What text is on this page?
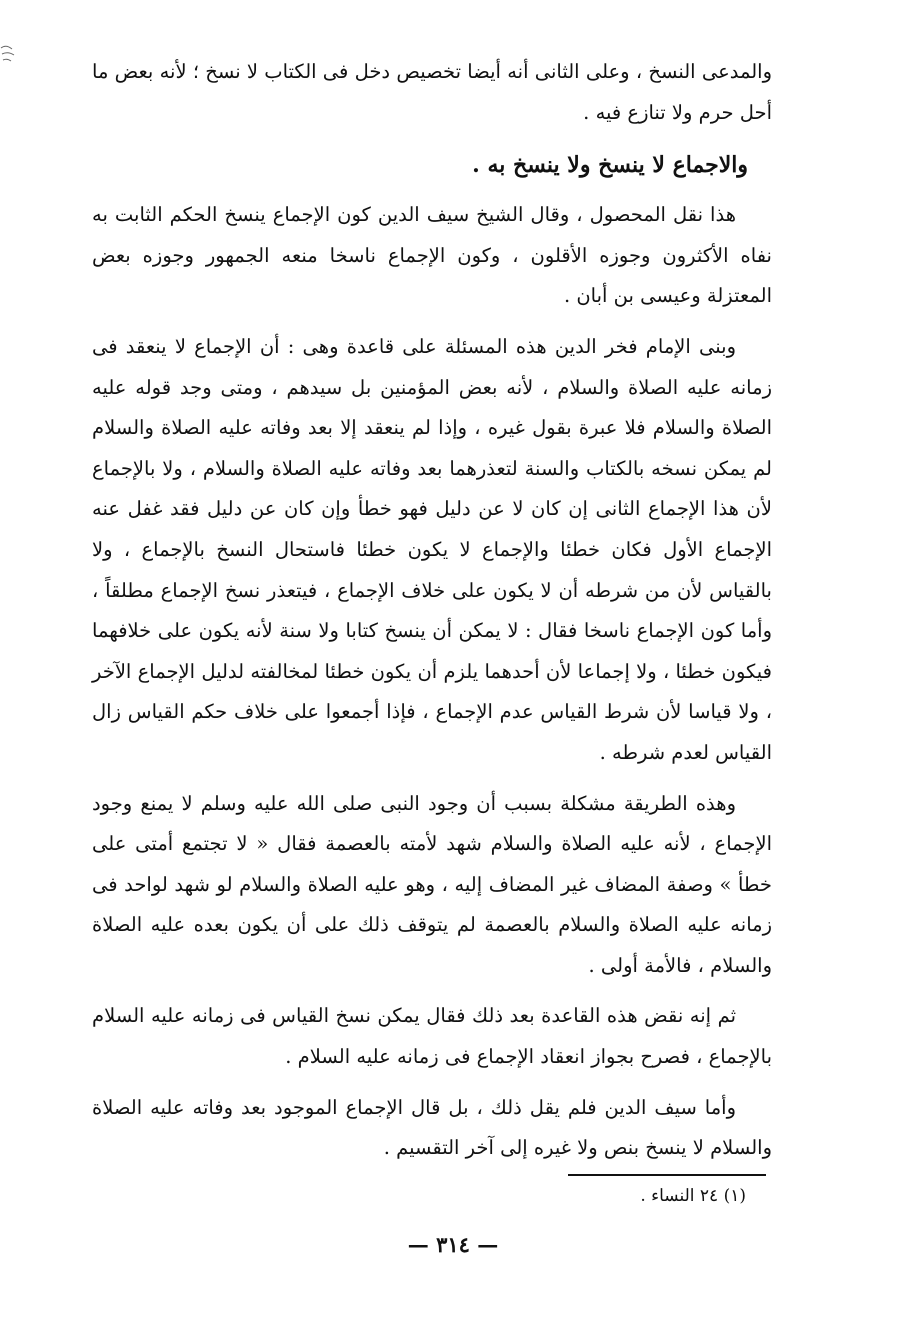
والمدعى النسخ ، وعلى الثانى أنه أيضا تخصيص دخل فى الكتاب لا نسخ ؛ لأنه بعض ما أحل حرم ولا تنازع فيه .

والاجماع لا ينسخ ولا ينسخ به .

هذا نقل المحصول ، وقال الشيخ سيف الدين كون الإجماع ينسخ الحكم الثابت به نفاه الأكثرون وجوزه الأقلون ، وكون الإجماع ناسخا منعه الجمهور وجوزه بعض المعتزلة وعيسى بن أبان .

وبنى الإمام فخر الدين هذه المسئلة على قاعدة وهى : أن الإجماع لا ينعقد فى زمانه عليه الصلاة والسلام ، لأنه بعض المؤمنين بل سيدهم ، ومتى وجد قوله عليه الصلاة والسلام فلا عبرة بقول غيره ، وإذا لم ينعقد إلا بعد وفاته عليه الصلاة والسلام لم يمكن نسخه بالكتاب والسنة لتعذرهما بعد وفاته عليه الصلاة والسلام ، ولا بالإجماع لأن هذا الإجماع الثانى إن كان لا عن دليل فهو خطأ وإن كان عن دليل فقد غفل عنه الإجماع الأول فكان خطئا والإجماع لا يكون خطئا فاستحال النسخ بالإجماع ، ولا بالقياس لأن من شرطه أن لا يكون على خلاف الإجماع ، فيتعذر نسخ الإجماع مطلقاً ، وأما كون الإجماع ناسخا فقال : لا يمكن أن ينسخ كتابا ولا سنة لأنه يكون على خلافهما فيكون خطئا ، ولا إجماعا لأن أحدهما يلزم أن يكون خطئا لمخالفته لدليل الإجماع الآخر ، ولا قياسا لأن شرط القياس عدم الإجماع ، فإذا أجمعوا على خلاف حكم القياس زال القياس لعدم شرطه .

وهذه الطريقة مشكلة بسبب أن وجود النبى صلى الله عليه وسلم لا يمنع وجود الإجماع ، لأنه عليه الصلاة والسلام شهد لأمته بالعصمة فقال « لا تجتمع أمتى على خطأ » وصفة المضاف غير المضاف إليه ، وهو عليه الصلاة والسلام لو شهد لواحد فى زمانه عليه الصلاة والسلام بالعصمة لم يتوقف ذلك على أن يكون بعده عليه الصلاة والسلام ، فالأمة أولى .

ثم إنه نقض هذه القاعدة بعد ذلك فقال يمكن نسخ القياس فى زمانه عليه السلام بالإجماع ، فصرح بجواز انعقاد الإجماع فى زمانه عليه السلام .

وأما سيف الدين فلم يقل ذلك ، بل قال الإجماع الموجود بعد وفاته عليه الصلاة والسلام لا ينسخ بنص ولا غيره إلى آخر التقسيم .

(١) ٢٤ النساء .
— ٣١٤ —
